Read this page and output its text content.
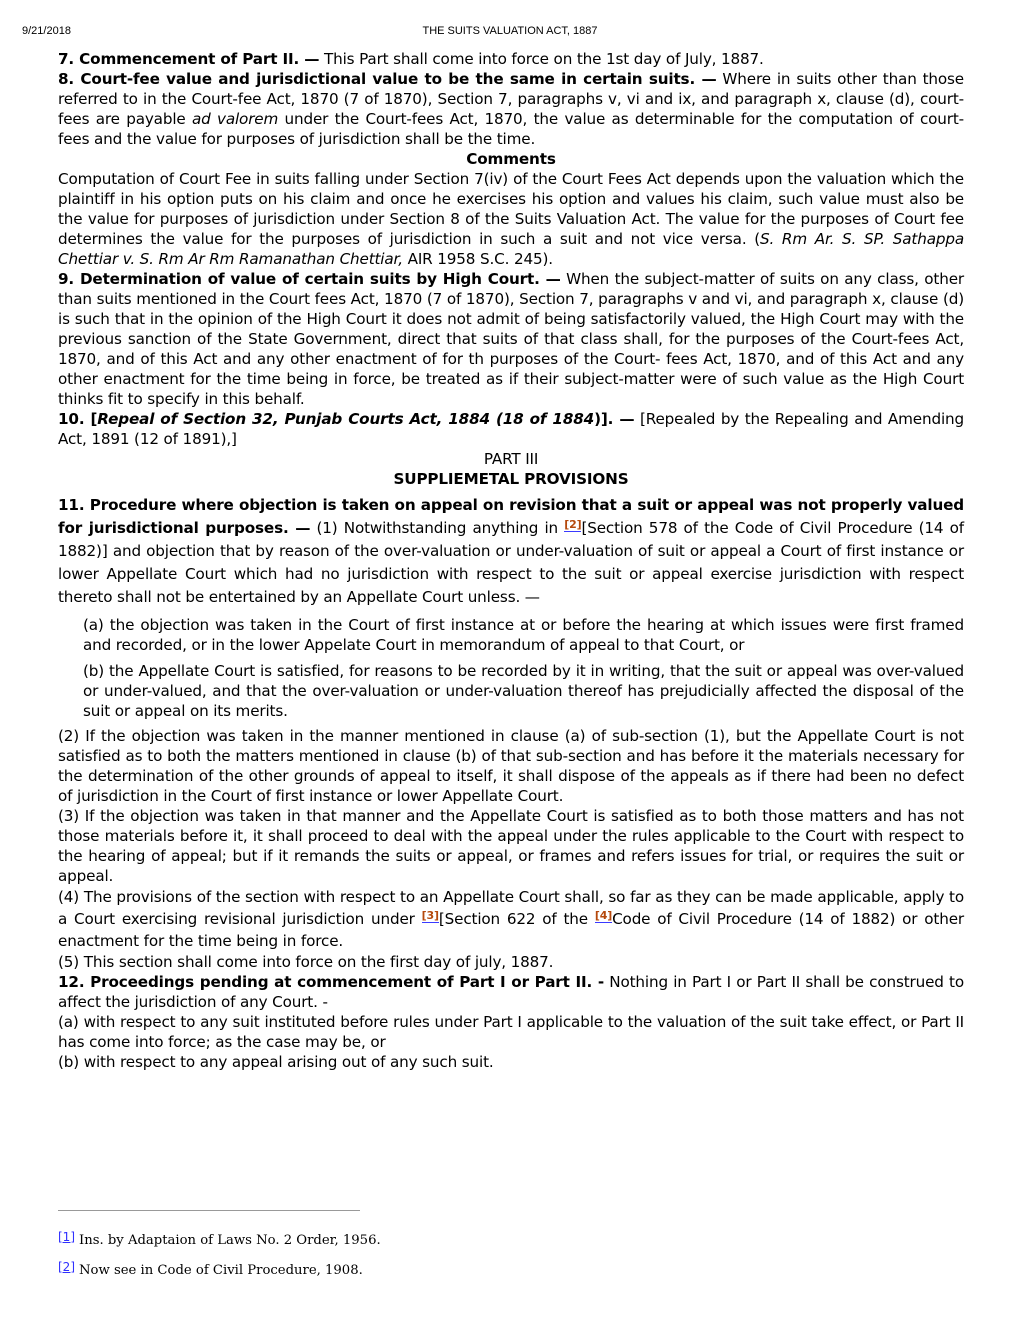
9/21/2018	THE SUITS VALUATION ACT, 1887

7. Commencement of Part II. — This Part shall come into force on the 1st day of July, 1887.

8. Court-fee value and jurisdictional value to be the same in certain suits. — Where in suits other than those referred to in the Court-fee Act, 1870 (7 of 1870), Section 7, paragraphs v, vi and ix, and paragraph x, clause (d), court-fees are payable ad valorem under the Court-fees Act, 1870, the value as determinable for the computation of court-fees and the value for purposes of jurisdiction shall be the time.

Comments

Computation of Court Fee in suits falling under Section 7(iv) of the Court Fees Act depends upon the valuation which the plaintiff in his option puts on his claim and once he exercises his option and values his claim, such value must also be the value for purposes of jurisdiction under Section 8 of the Suits Valuation Act. The value for the purposes of Court fee determines the value for the purposes of jurisdiction in such a suit and not vice versa. (S. Rm Ar. S. SP. Sathappa Chettiar v. S. Rm Ar Rm Ramanathan Chettiar, AIR 1958 S.C. 245).

9. Determination of value of certain suits by High Court. — When the subject-matter of suits on any class, other than suits mentioned in the Court fees Act, 1870 (7 of 1870), Section 7, paragraphs v and vi, and paragraph x, clause (d) is such that in the opinion of the High Court it does not admit of being satisfactorily valued, the High Court may with the previous sanction of the State Government, direct that suits of that class shall, for the purposes of the Court-fees Act, 1870, and of this Act and any other enactment of for th purposes of the Court- fees Act, 1870, and of this Act and any other enactment for the time being in force, be treated as if their subject-matter were of such value as the High Court thinks fit to specify in this behalf.

10. [Repeal of Section 32, Punjab Courts Act, 1884 (18 of 1884)]. — [Repealed by the Repealing and Amending Act, 1891 (12 of 1891),]

PART III

SUPPLIEMETAL PROVISIONS

11. Procedure where objection is taken on appeal on revision that a suit or appeal was not properly valued for jurisdictional purposes. — (1) Notwithstanding anything in [2][Section 578 of the Code of Civil Procedure (14 of 1882)] and objection that by reason of the over-valuation or under-valuation of suit or appeal a Court of first instance or lower Appellate Court which had no jurisdiction with respect to the suit or appeal exercise jurisdiction with respect thereto shall not be entertained by an Appellate Court unless. —

(a) the objection was taken in the Court of first instance at or before the hearing at which issues were first framed and recorded, or in the lower Appelate Court in memorandum of appeal to that Court, or

(b) the Appellate Court is satisfied, for reasons to be recorded by it in writing, that the suit or appeal was over-valued or under-valued, and that the over-valuation or under-valuation thereof has prejudicially affected the disposal of the suit or appeal on its merits.

(2) If the objection was taken in the manner mentioned in clause (a) of sub-section (1), but the Appellate Court is not satisfied as to both the matters mentioned in clause (b) of that sub-section and has before it the materials necessary for the determination of the other grounds of appeal to itself, it shall dispose of the appeals as if there had been no defect of jurisdiction in the Court of first instance or lower Appellate Court.

(3) If the objection was taken in that manner and the Appellate Court is satisfied as to both those matters and has not those materials before it, it shall proceed to deal with the appeal under the rules applicable to the Court with respect to the hearing of appeal; but if it remands the suits or appeal, or frames and refers issues for trial, or requires the suit or appeal.

(4) The provisions of the section with respect to an Appellate Court shall, so far as they can be made applicable, apply to a Court exercising revisional jurisdiction under [3][Section 622 of the [4]Code of Civil Procedure (14 of 1882) or other enactment for the time being in force.

(5) This section shall come into force on the first day of july, 1887.

12. Proceedings pending at commencement of Part I or Part II. - Nothing in Part I or Part II shall be construed to affect the jurisdiction of any Court. -

(a) with respect to any suit instituted before rules under Part I applicable to the valuation of the suit take effect, or Part II has come into force; as the case may be, or

(b) with respect to any appeal arising out of any such suit.

[1] Ins. by Adaptaion of Laws No. 2 Order, 1956.
[2] Now see in Code of Civil Procedure, 1908.
